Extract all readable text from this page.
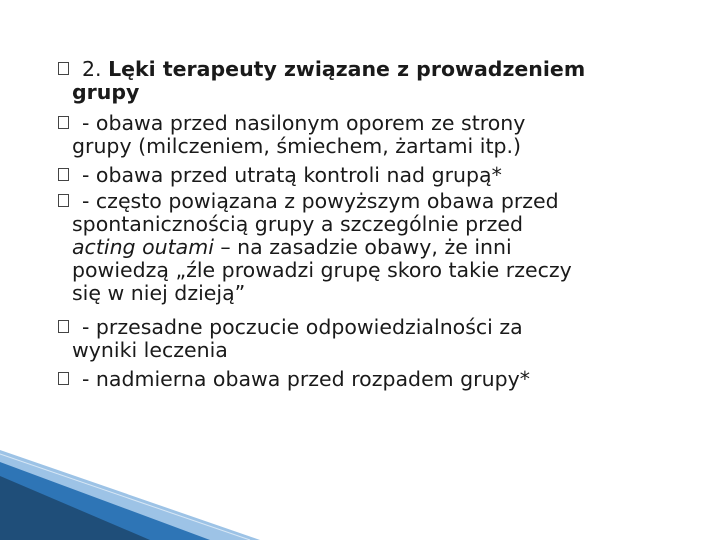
2. Lęki terapeuty związane z prowadzeniem
grupy
- obawa przed nasilonym oporem ze strony
grupy (milczeniem, śmiechem, żartami itp.)
- obawa przed utratą kontroli nad grupą*
- często powiązana z powyższym obawa przed
spontanicznością grupy a szczególnie przed
acting outami – na zasadzie obawy, że inni
powiedzą „źle prowadzi grupę skoro takie rzeczy
się w niej dzieją”
- przesadne poczucie odpowiedzialności za
wyniki leczenia
- nadmierna obawa przed rozpadem grupy*
